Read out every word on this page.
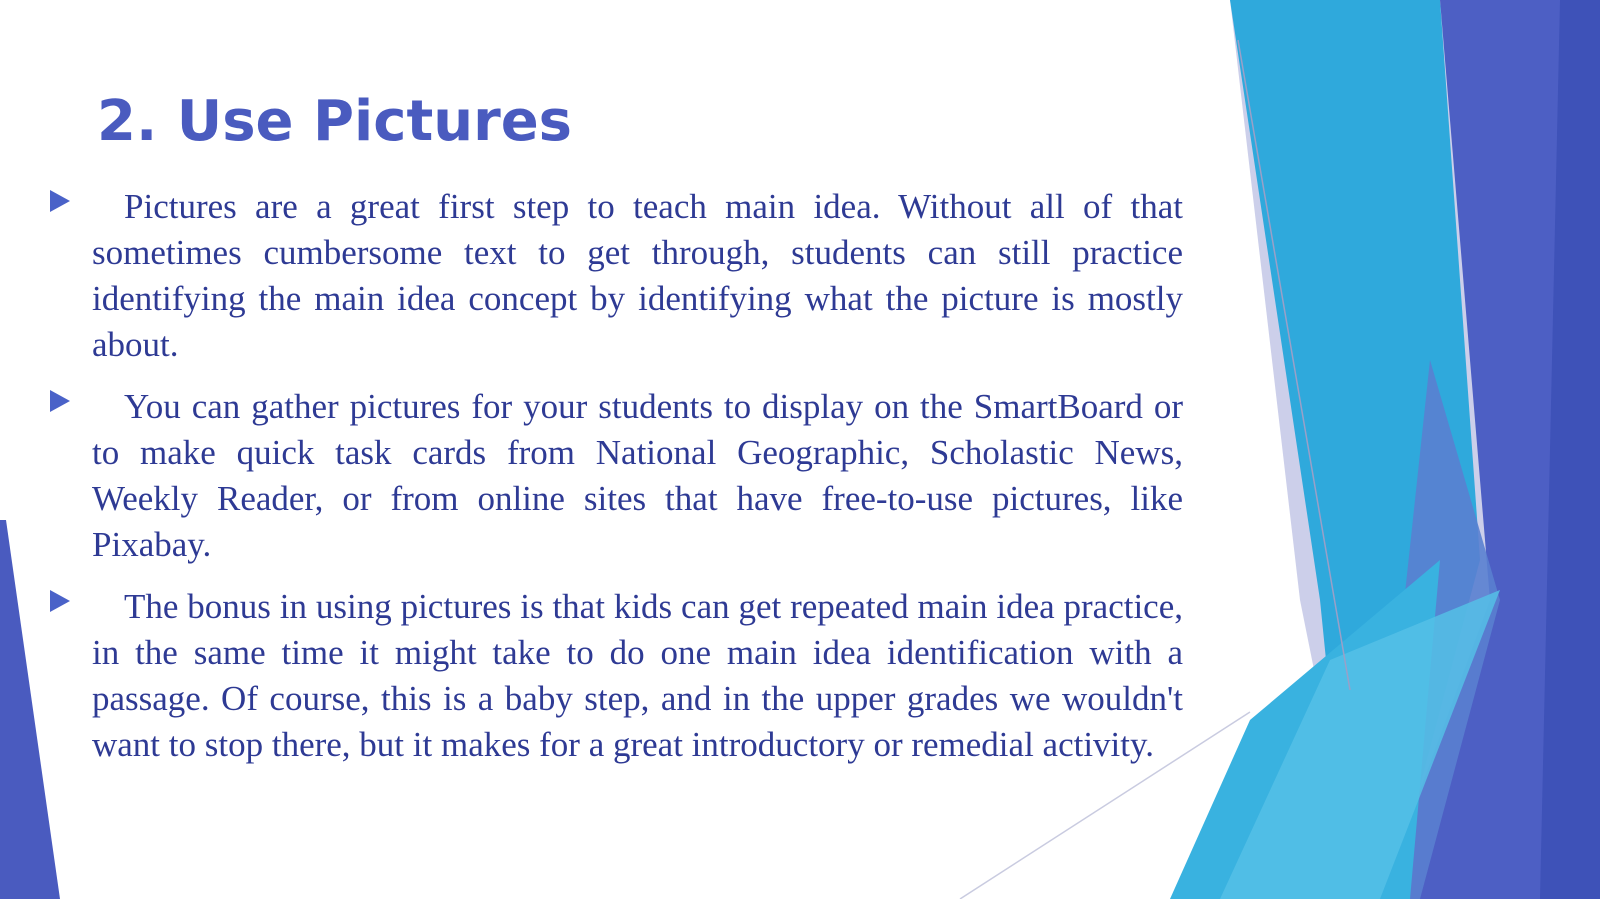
2. Use Pictures
Pictures are a great first step to teach main idea. Without all of that sometimes cumbersome text to get through, students can still practice identifying the main idea concept by identifying what the picture is mostly about.
You can gather pictures for your students to display on the SmartBoard or to make quick task cards from National Geographic, Scholastic News, Weekly Reader, or from online sites that have free-to-use pictures, like Pixabay.
The bonus in using pictures is that kids can get repeated main idea practice, in the same time it might take to do one main idea identification with a passage. Of course, this is a baby step, and in the upper grades we wouldn't want to stop there, but it makes for a great introductory or remedial activity.
